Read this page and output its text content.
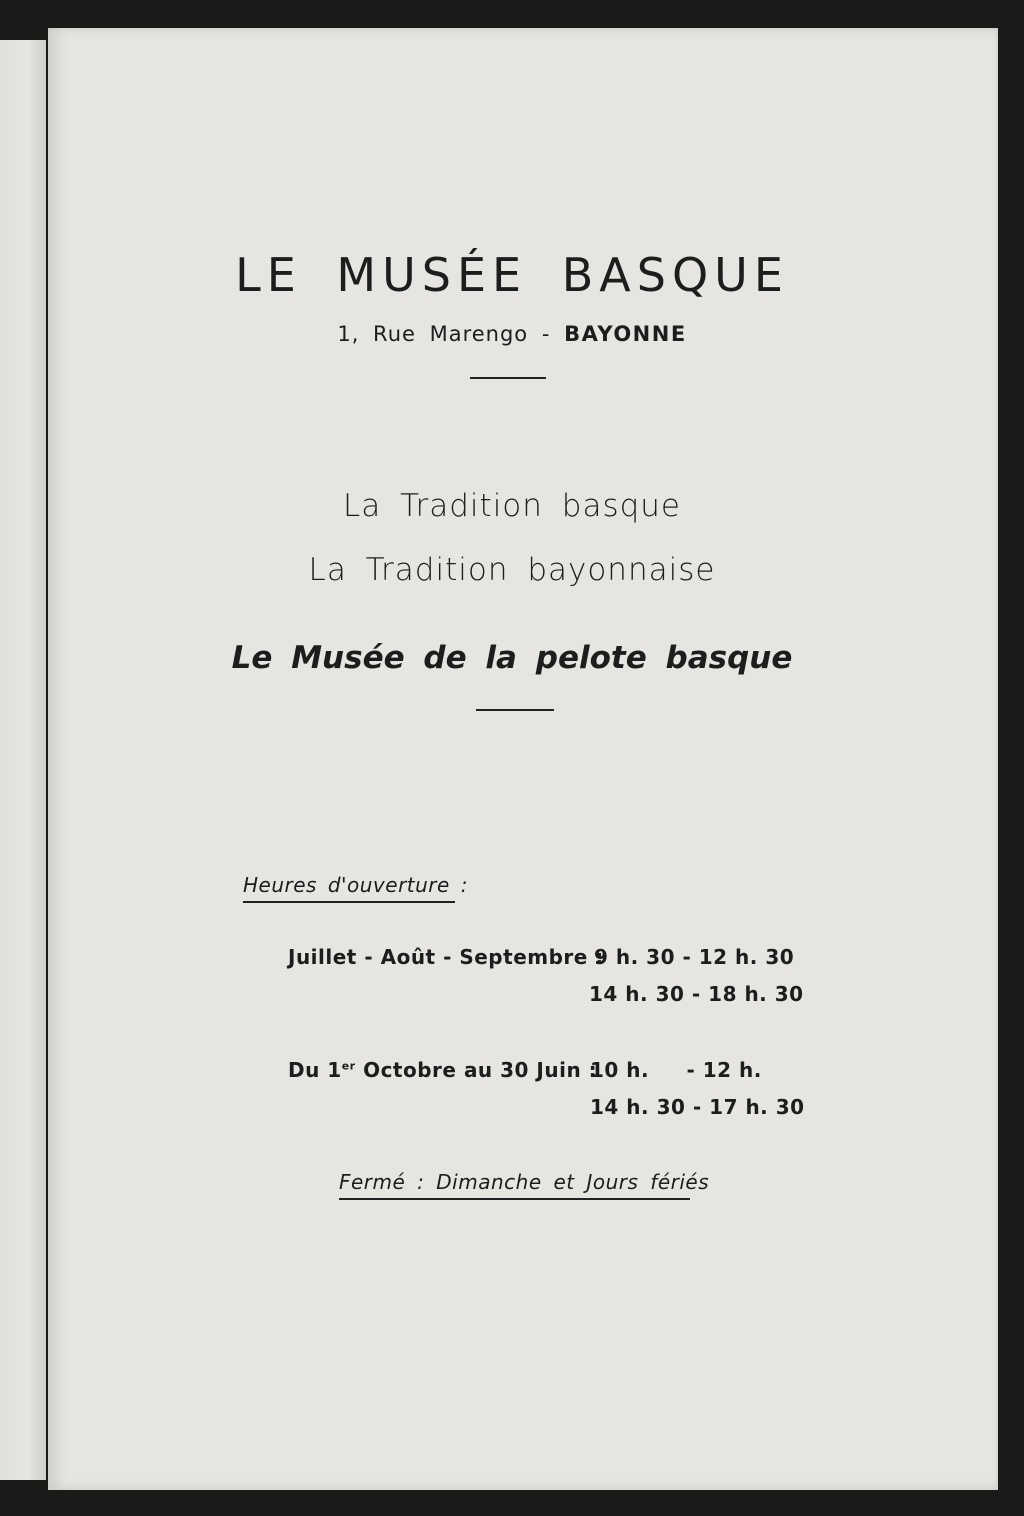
LE MUSÉE BASQUE
1, Rue Marengo - BAYONNE
La Tradition basque
La Tradition bayonnaise
Le Musée de la pelote basque
Heures d'ouverture :
Juillet - Août - Septembre :
9 h. 30 - 12 h. 30
14 h. 30 - 18 h. 30
Du 1er Octobre au 30 Juin :
10 h.     - 12 h.
14 h. 30 - 17 h. 30
Fermé : Dimanche et Jours fériés
